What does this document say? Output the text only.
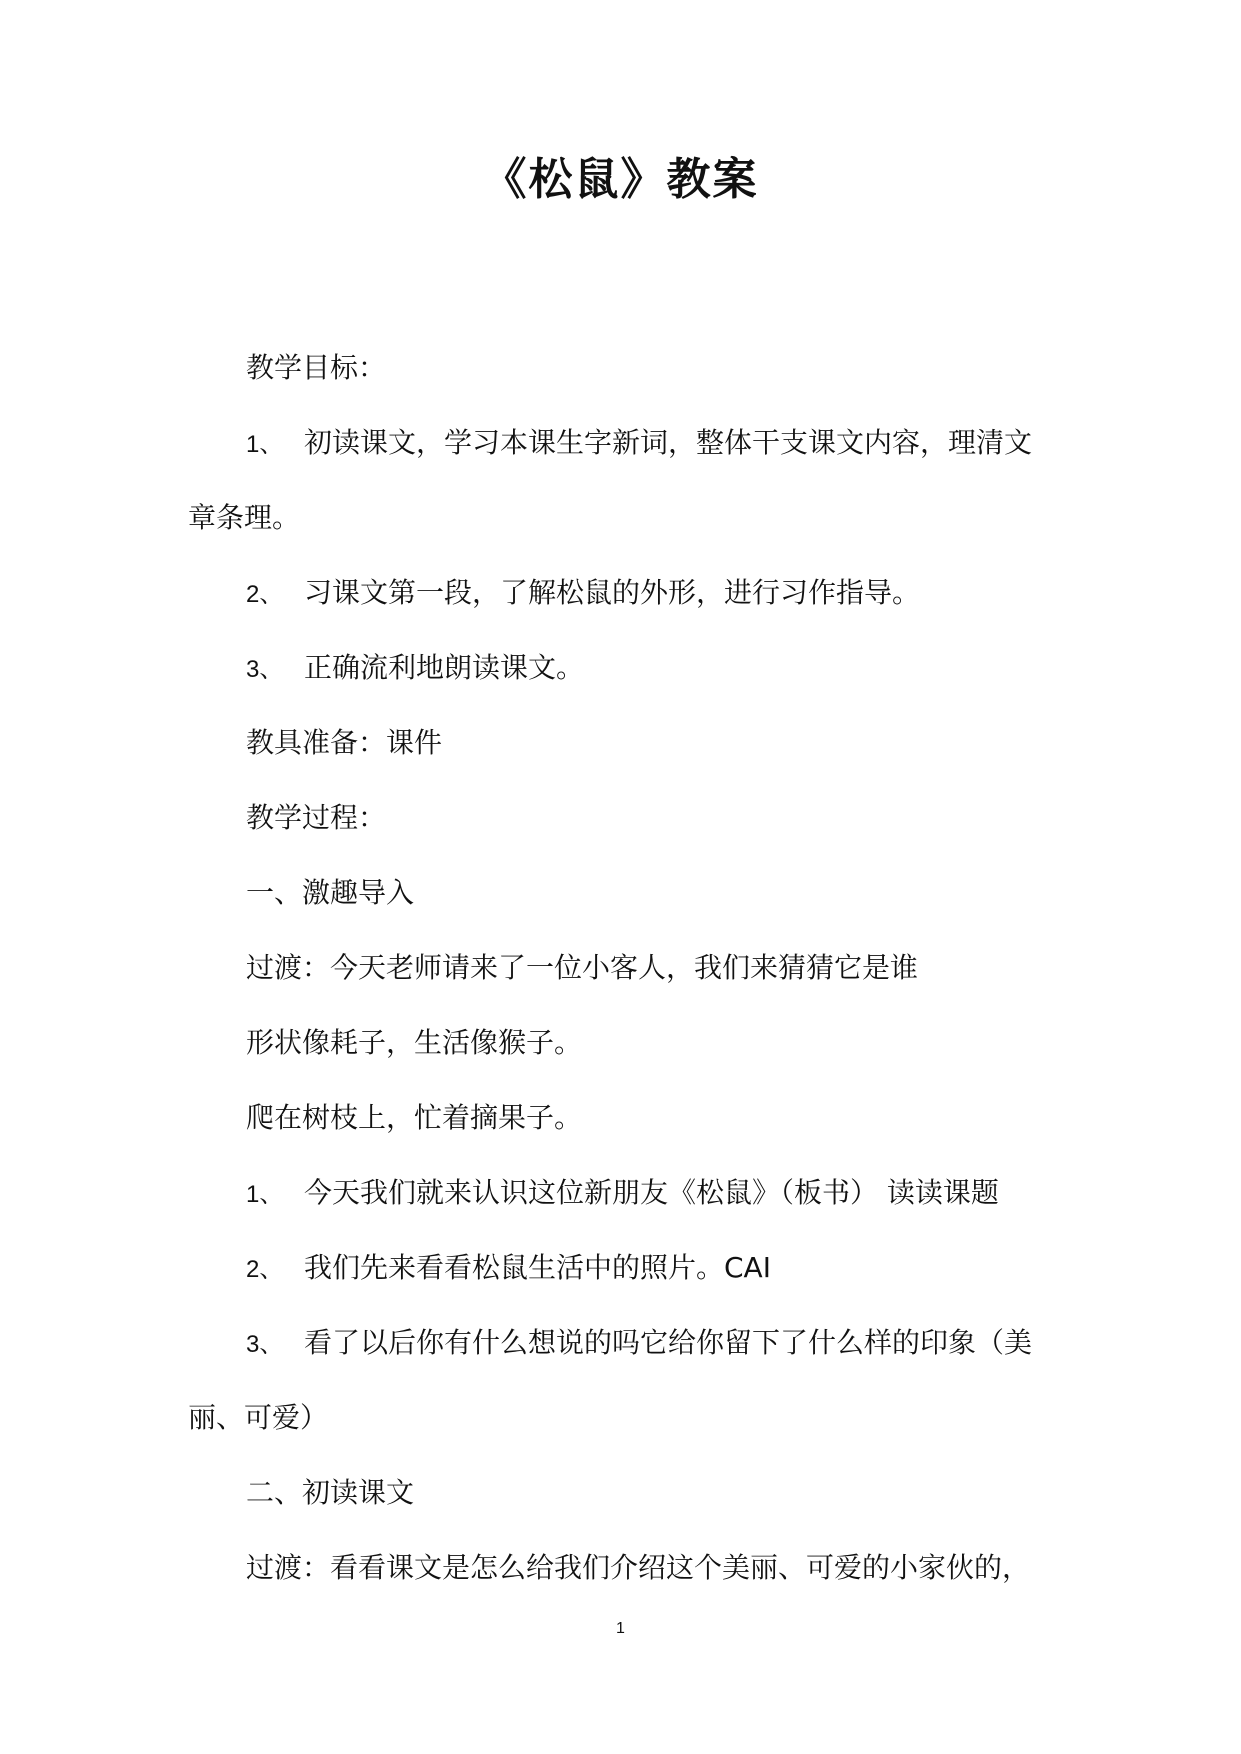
《松鼠》教案
教学目标：
1、 初读课文，学习本课生字新词，整体干支课文内容，理清文
章条理。
2、 习课文第一段，了解松鼠的外形，进行习作指导。
3、 正确流利地朗读课文。
教具准备：课件
教学过程：
一、激趣导入
过渡：今天老师请来了一位小客人，我们来猜猜它是谁
形状像耗子，生活像猴子。
爬在树枝上，忙着摘果子。
1、 今天我们就来认识这位新朋友《松鼠》（板书） 读读课题
2、 我们先来看看松鼠生活中的照片。CAI
3、 看了以后你有什么想说的吗它给你留下了什么样的印象（美
丽、可爱）
二、初读课文
过渡：看看课文是怎么给我们介绍这个美丽、可爱的小家伙的，
1
